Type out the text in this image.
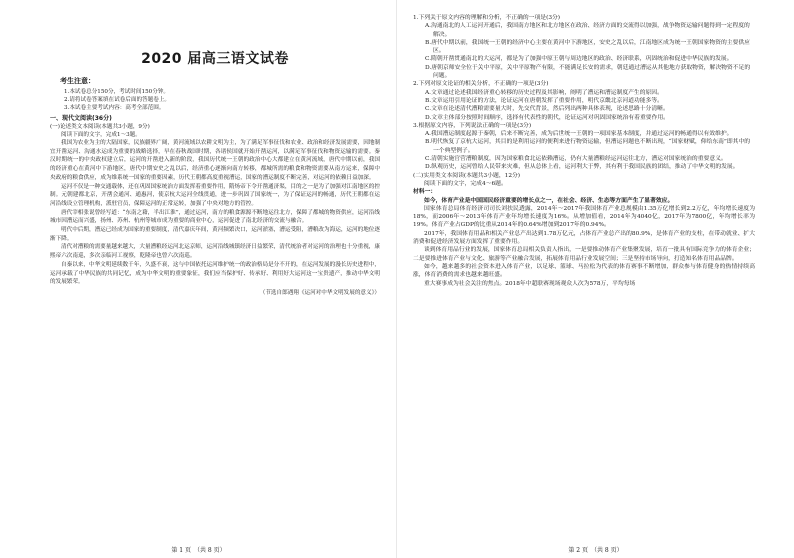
2020 届高三语文试卷
考生注意：
1.本试卷总分150分，考试时间150分钟。
2.请将试卷答案填在试卷后面的答题卷上。
3.本试卷主要考试内容：高考全部范围。
一、现代文阅读(36分)
(一)论述类文本阅读(本题共3小题，9分)
阅读下面的文字，完成1～3题。

我国为农业为主的大陆国家，民族疆界广阔，黄河流域以农耕文明为主，为了满足军事征伐和农业、政治和经济发展需要，因地制宜开凿运河、沟通水运成为重要的战略选择，早在春秋战国时期，各诸侯国就开始开凿运河，以满足军事征伐和物资运输的需要。秦汉时期统一的中央政权建立后，运河的开凿进入新的阶段，我国历代统一王朝的政治中心大都建立在黄河流域，唐代中期以前，我国的经济重心在黄河中下游地区，唐代中期安史之乱以后，经济重心逐渐向南方转移，都城所需的粮食和物资需要从南方运来，保障中央政府的粮食供应，成为维系统一国家的重要因素，历代王朝都高度重视漕运，国家的漕运制度不断完善，对运河的依赖日益加深。

运河不仅是一种交通载体，还在巩固国家统治方面发挥着重要作用，隋炀帝下令开凿通济渠，目的之一是为了加强对江南地区的控制。元朝建都北京，开凿会通河、通惠河，使京杭大运河全线贯通，进一步巩固了国家统一，为了保证运河的畅通，历代王朝都在运河沿线设立管理机构，派驻官员，保障运河的正常运转，加强了中央对地方的管控。

唐代宰相张说曾经写道：“东南之藉，半出江淮”，通过运河，南方的粮食源源不断地运往北方，保障了都城的物资供应，运河沿线城市因漕运而兴盛，扬州、苏州、杭州等城市成为重要的商业中心，运河促进了南北经济的交流与融合。

明代中后期，漕运已经成为国家的重要制度，清代嘉庆年间，黄河频繁决口，运河淤塞，漕运受阻，漕粮改为海运，运河的地位逐渐下降。

清代对漕粮的需要量越来越大，大量漕粮经运河北运京师，运河沿线城镇经济日益繁荣，清代统治者对运河的治理也十分重视，康熙帝六次南巡，多次亲临河工视察，乾隆帝也曾六次南巡。

自秦以来，中华文明延续数千年，久盛不衰，这与中国依托运河维护统一的政治格局是分不开的，在运河发展的漫长历史进程中，运河承载了中华民族的共同记忆，成为中华文明的重要象征，我们应当保护好、传承好、利用好大运河这一宝贵遗产，推动中华文明的发展繁荣。

（节选自郎遇翔《运河对中华文明发展的意义》）
第 1 页　（共 8 页）

1.下列关于原文内容的理解和分析，不正确的一项是(3分)

A.沟通南北的人工运河开通后，我国南方地区和北方地区在政治、经济方面的交流得以加强，战争物资运输问题得到一定程度的解决。

B.唐代中期以前，我国统一王朝的经济中心主要在黄河中下游地区，安史之乱以后，江南地区成为统一王朝国家物资的主要供应区。

C.隋朝开凿贯通南北的大运河，都是为了加强中原王朝与周边地区的政治、经济联系，巩固统治和促进中华民族的发展。

D.唐朝京师安全位于关中平原，关中平原物产有限，不能满足长安的需求，朝廷通过漕运从其他地方获取物资，解决物资不足的问题。

2.下列对原文论证的相关分析，不正确的一项是(3分)

A.文章通过论述我国经济重心转移的历史过程及其影响，阐明了漕运和漕运制度产生的原因。

B.文章运用引用论证的方法，论证运河在唐朝发挥了重要作用，明代京畿北京河道功能多等。

C.文章在论述清代漕粮需要量大时，先交代背景，然后列出两种具体表现，论述思路十分清晰。

D.文章主体部分按照时间顺序，选择有代表性的朝代，论证运河对巩固国家统治有着重要作用。

3.根据原文内容，下列说法正确的一项是(3分)

A.我国漕运制度起源于秦朝，后来不断完善，成为后世统一王朝的一项国家基本制度，并通过运河的畅通得以有效维护。

B.明代恢复了京杭大运河，其目的是利用运河的便利来进行物资运输，但漕运问题也不断出现，“国家财赋，仰给东南”即其中的一个典型例子。

C.清朝实施官营漕粮制度，因为国家粮食北运依赖漕运，仍有大量漕粮经运河运往北方，漕运对国家统治的重要意义。

D.纵观历史，运河曾给人民带来灾难，但从总体上看，运河利大于弊，其有利于我国民族的团结，推动了中华文明的发展。

(二)实用类文本阅读(本题共3小题，12分)

阅读下面的文字，完成4～6题。

材料一：

如今，体育产业是中国国民经济重要的增长点之一，在社会、经济、生态等方面产生了显著效应。

国家体育总局体育经济司司长刘扶民透露，2014年～2017年我国体育产业总规模由1.35万亿增长到2.2万亿，年均增长速度为18%，而2006年～2013年体育产业年均增长速度为16%。从增加值看，2014年为4040亿，2017年为7800亿，年均增长率为19%。体育产业占GDP的比重从2014年的0.64%增加到2017年的0.94%。

2017年，我国体育用品和相关产业总产出达到1.78万亿元，占体育产业总产出的80.9%，是体育产业的支柱，在带动就业、扩大消费和促进经济发展方面发挥了重要作用。

谈到体育用品行业的发展，国家体育总局相关负责人指出，一是要推动体育产业集聚发展，培育一批具有国际竞争力的体育企业；二是要推进体育产业与文化、旅游等产业融合发展，拓展体育用品行业发展空间；三是坚持市场导向，打造知名体育用品品牌。

如今，越来越多的社会资本进入体育产业，以足球、篮球、马拉松为代表的体育赛事不断增加，群众参与体育健身的热情持续高涨，体育消费的需求也越来越旺盛。

重大赛事成为社会关注的焦点。2018年中超联赛现场观众人次为578万，平均每场

第 2 页　（共 8 页）
